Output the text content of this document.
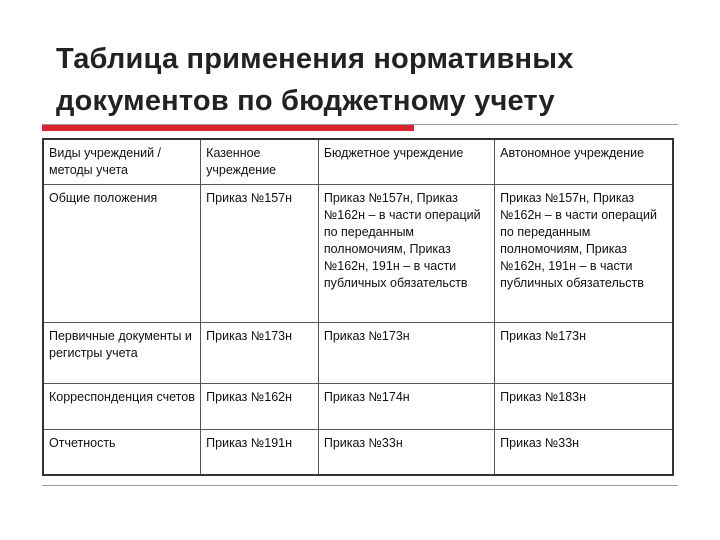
Таблица применения нормативных
документов по бюджетному учету
Виды учреждений / методы учета	Казенное учреждение	Бюджетное учреждение	Автономное учреждение
Общие положения	Приказ №157н	Приказ №157н, Приказ №162н – в части операций по переданным полномочиям, Приказ №162н, 191н – в части публичных обязательств	Приказ №157н, Приказ №162н – в части операций по переданным полномочиям, Приказ №162н, 191н – в части публичных обязательств
Первичные документы и регистры учета	Приказ №173н	Приказ №173н	Приказ №173н
Корреспонденция счетов	Приказ №162н	Приказ №174н	Приказ №183н
Отчетность	Приказ №191н	Приказ №33н	Приказ №33н
